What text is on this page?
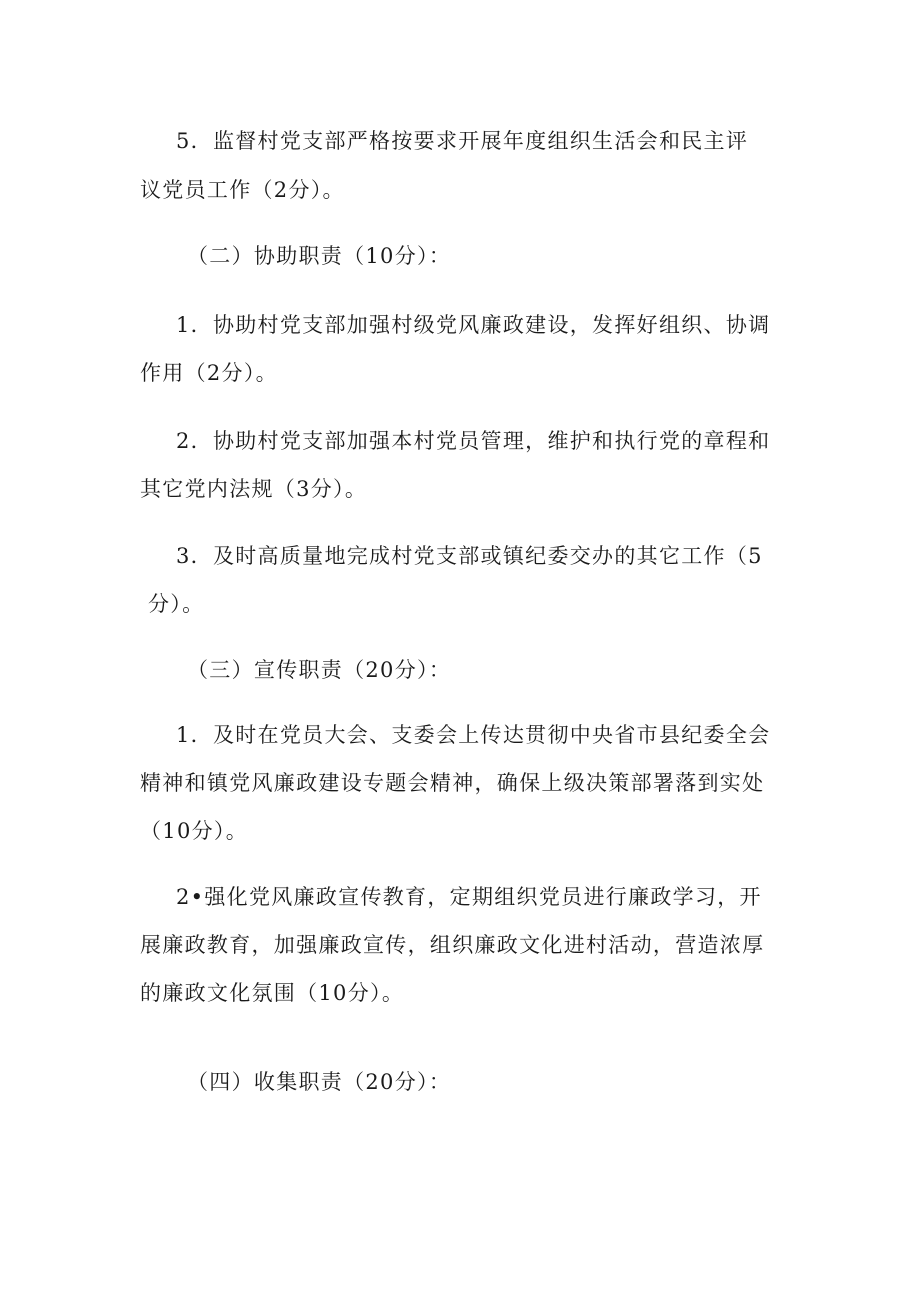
5．监督村党支部严格按要求开展年度组织生活会和民主评
议党员工作（2分）。
（二）协助职责（10分）：
1．协助村党支部加强村级党风廉政建设，发挥好组织、协调
作用（2分）。
2．协助村党支部加强本村党员管理，维护和执行党的章程和
其它党内法规（3分）。
3．及时高质量地完成村党支部或镇纪委交办的其它工作（5
分）。
（三）宣传职责（20分）：
1．及时在党员大会、支委会上传达贯彻中央省市县纪委全会
精神和镇党风廉政建设专题会精神，确保上级决策部署落到实处
（10分）。
2•强化党风廉政宣传教育，定期组织党员进行廉政学习，开
展廉政教育，加强廉政宣传，组织廉政文化进村活动，营造浓厚
的廉政文化氛围（10分）。
（四）收集职责（20分）：
